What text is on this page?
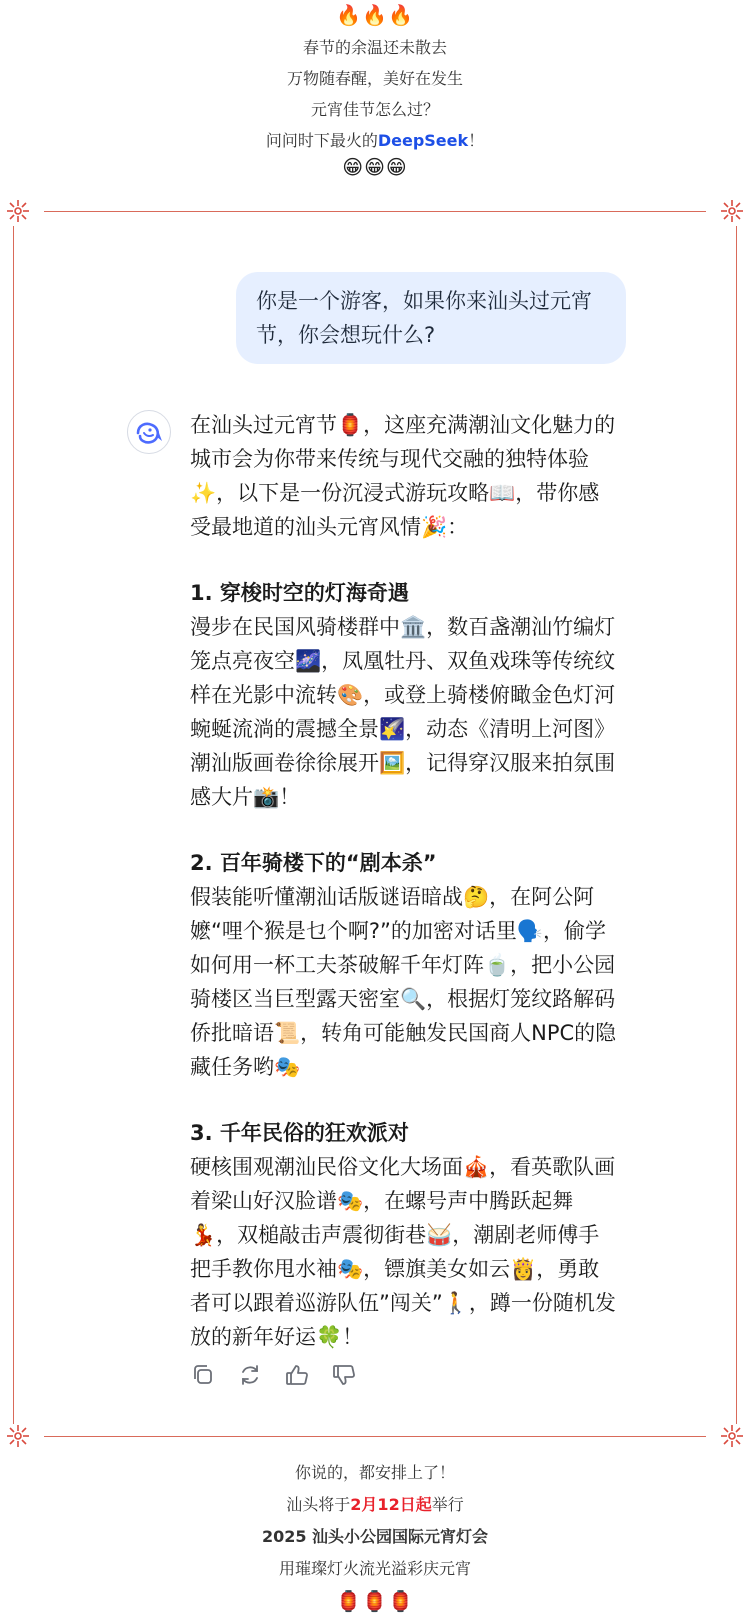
🔥🔥🔥
春节的余温还未散去
万物随春醒，美好在发生
元宵佳节怎么过？
问问时下最火的DeepSeek！
😁😁😁
你是一个游客，如果你来汕头过元宵节，你会想玩什么?

在汕头过元宵节🏮，这座充满潮汕文化魅力的城市会为你带来传统与现代交融的独特体验✨，以下是一份沉浸式游玩攻略📖，带你感受最地道的汕头元宵风情🎉：

1. 穿梭时空的灯海奇遇

漫步在民国风骑楼群中🏛️，数百盏潮汕竹编灯笼点亮夜空🌌，凤凰牡丹、双鱼戏珠等传统纹样在光影中流转🎨，或登上骑楼俯瞰金色灯河蜿蜒流淌的震撼全景🌠，动态《清明上河图》潮汕版画卷徐徐展开🖼️，记得穿汉服来拍氛围感大片📸！

2. 百年骑楼下的“剧本杀”

假装能听懂潮汕话版谜语暗战🤔，在阿公阿嬷“哩个猴是乜个啊?”的加密对话里🗣️，偷学如何用一杯工夫茶破解千年灯阵🍵，把小公园骑楼区当巨型露天密室🔍，根据灯笼纹路解码侨批暗语📜，转角可能触发民国商人NPC的隐藏任务哟🎭

3. 千年民俗的狂欢派对

硬核围观潮汕民俗文化大场面🎪，看英歌队画着梁山好汉脸谱🎭，在螺号声中腾跃起舞💃，双槌敲击声震彻街巷🥁，潮剧老师傅手把手教你甩水袖🎭，镖旗美女如云👸，勇敢者可以跟着巡游队伍”闯关”🚶，蹲一份随机发放的新年好运🍀！

你说的，都安排上了！
汕头将于2月12日起举行
2025 汕头小公园国际元宵灯会
用璀璨灯火流光溢彩庆元宵
🏮🏮🏮
